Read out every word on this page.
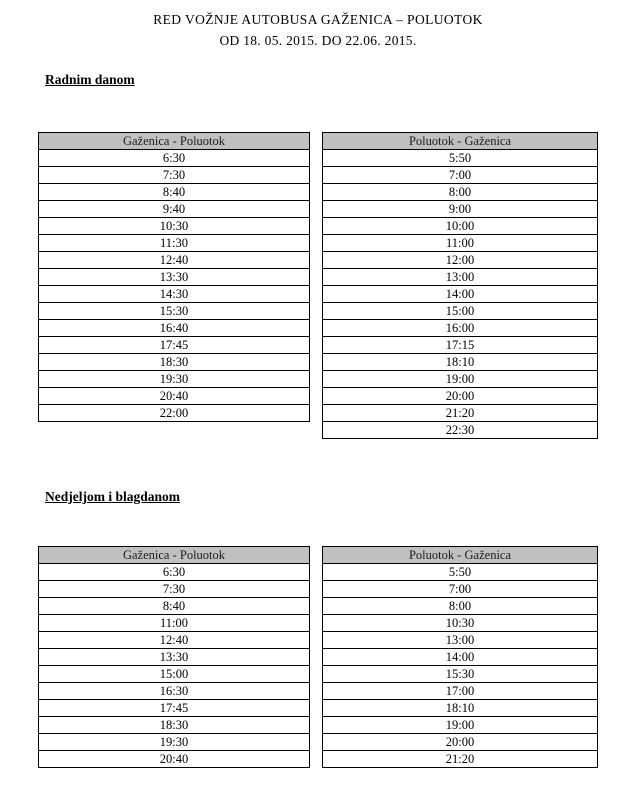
RED VOŽNJE AUTOBUSA GAŽENICA – POLUOTOK
OD 18. 05. 2015. DO 22.06. 2015.
Radnim danom
Gaženica - Poluotok
6:30
7:30
8:40
9:40
10:30
11:30
12:40
13:30
14:30
15:30
16:40
17:45
18:30
19:30
20:40
22:00
Poluotok - Gaženica
5:50
7:00
8:00
9:00
10:00
11:00
12:00
13:00
14:00
15:00
16:00
17:15
18:10
19:00
20:00
21:20
22:30
Nedjeljom i blagdanom
Gaženica - Poluotok
6:30
7:30
8:40
11:00
12:40
13:30
15:00
16:30
17:45
18:30
19:30
20:40
Poluotok - Gaženica
5:50
7:00
8:00
10:30
13:00
14:00
15:30
17:00
18:10
19:00
20:00
21:20
